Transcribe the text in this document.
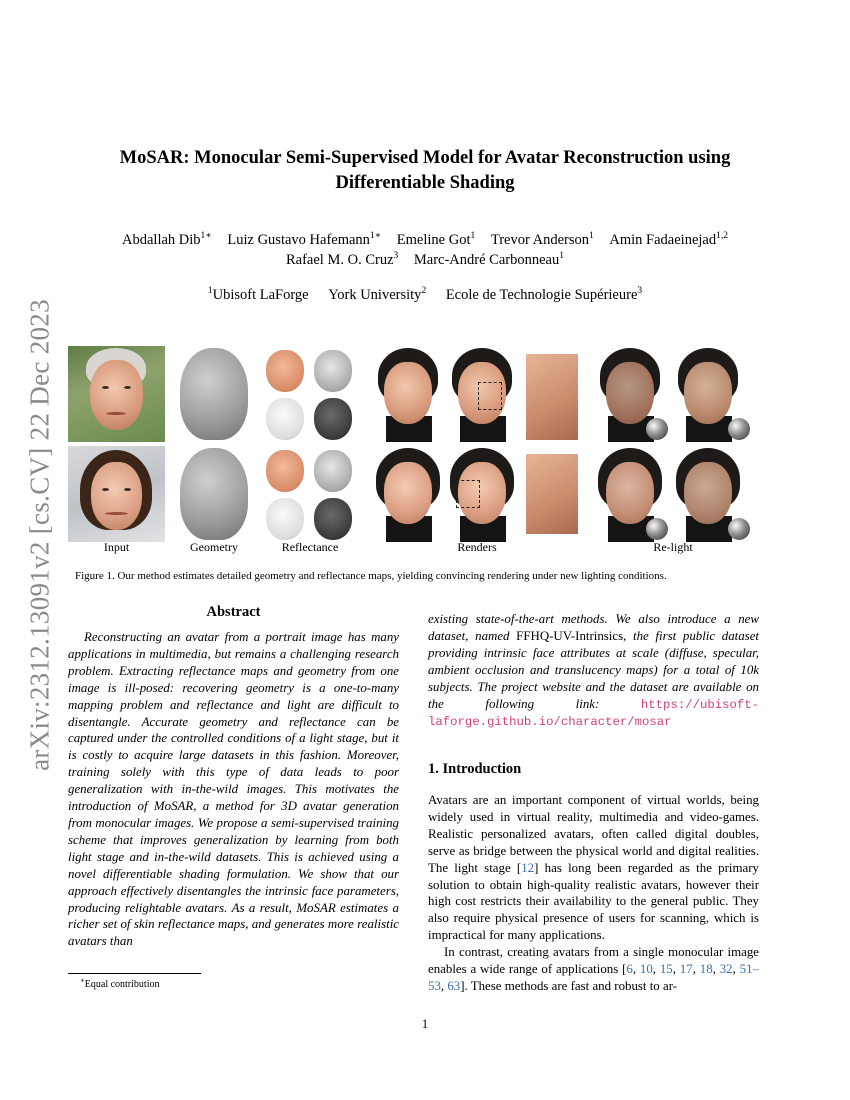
arXiv:2312.13091v2 [cs.CV] 22 Dec 2023
MoSAR: Monocular Semi-Supervised Model for Avatar Reconstruction using
Differentiable Shading
Abdallah Dib$^{1∗}$ Luiz Gustavo Hafemann$^{1∗}$ Emeline Got$^1$ Trevor Anderson$^1$ Amin Fadaeinejad$^{1,2}$
Rafael M. O. Cruz$^3$ Marc-André Carbonneau$^1$
$^1$Ubisoft LaForge York University$^2$ Ecole de Technologie Supérieure$^3$
Input	Geometry	Reflectance	Renders	Re-light
Figure 1. Our method estimates detailed geometry and reflectance maps, yielding convincing rendering under new lighting conditions.
Abstract
Reconstructing an avatar from a portrait image has many applications in multimedia, but remains a challenging research problem. Extracting reflectance maps and geometry from one image is ill-posed: recovering geometry is a one-to-many mapping problem and reflectance and light are difficult to disentangle. Accurate geometry and reflectance can be captured under the controlled conditions of a light stage, but it is costly to acquire large datasets in this fashion. Moreover, training solely with this type of data leads to poor generalization with in-the-wild images. This motivates the introduction of MoSAR, a method for 3D avatar generation from monocular images. We propose a semi-supervised training scheme that improves generalization by learning from both light stage and in-the-wild datasets. This is achieved using a novel differentiable shading formulation. We show that our approach effectively disentangles the intrinsic face parameters, producing relightable avatars. As a result, MoSAR estimates a richer set of skin reflectance maps, and generates more realistic avatars than
existing state-of-the-art methods. We also introduce a new dataset, named FFHQ-UV-Intrinsics, the first public dataset providing intrinsic face attributes at scale (diffuse, specular, ambient occlusion and translucency maps) for a total of 10k subjects. The project website and the dataset are available on the following link: https://ubisoft-laforge.github.io/character/mosar
1. Introduction

Avatars are an important component of virtual worlds, being widely used in virtual reality, multimedia and video-games. Realistic personalized avatars, often called digital doubles, serve as bridge between the physical world and digital realities. The light stage [12] has long been regarded as the primary solution to obtain high-quality realistic avatars, however their high cost restricts their availability to the general public. They also require physical presence of users for scanning, which is impractical for many applications.

In contrast, creating avatars from a single monocular image enables a wide range of applications [6, 10, 15, 17, 18, 32, 51–53, 63]. These methods are fast and robust to ar-

∗Equal contribution
1
